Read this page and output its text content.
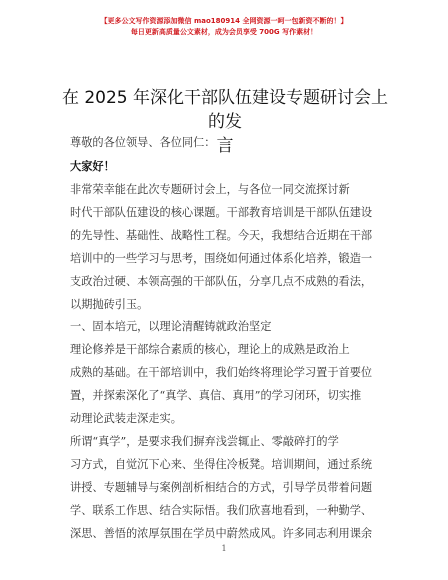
【更多公文写作资源添加微信 mao180914 全网资源一呵一包新资不断的！】
每日更新高质量公文素材，成为会员享受 700G 写作素材！
在 2025 年深化干部队伍建设专题研讨会上的发
言
尊敬的各位领导、各位同仁：
大家好！
非常荣幸能在此次专题研讨会上，与各位一同交流探讨新
时代干部队伍建设的核心课题。干部教育培训是干部队伍建设
的先导性、基础性、战略性工程。今天，我想结合近期在干部
培训中的一些学习与思考，围绕如何通过体系化培养，锻造一
支政治过硬、本领高强的干部队伍，分享几点不成熟的看法，
以期抛砖引玉。
一、固本培元，以理论清醒铸就政治坚定
理论修养是干部综合素质的核心，理论上的成熟是政治上
成熟的基础。在干部培训中，我们始终将理论学习置于首要位
置，并探索深化了“真学、真信、真用”的学习闭环，切实推
动理论武装走深走实。
所谓“真学”，是要求我们摒弃浅尝辄止、零敲碎打的学
习方式，自觉沉下心来、坐得住冷板凳。培训期间，通过系统
讲授、专题辅导与案例剖析相结合的方式，引导学员带着问题
学、联系工作思、结合实际悟。我们欣喜地看到，一种勤学、
深思、善悟的浓厚氛围在学员中蔚然成风。许多同志利用课余
1
